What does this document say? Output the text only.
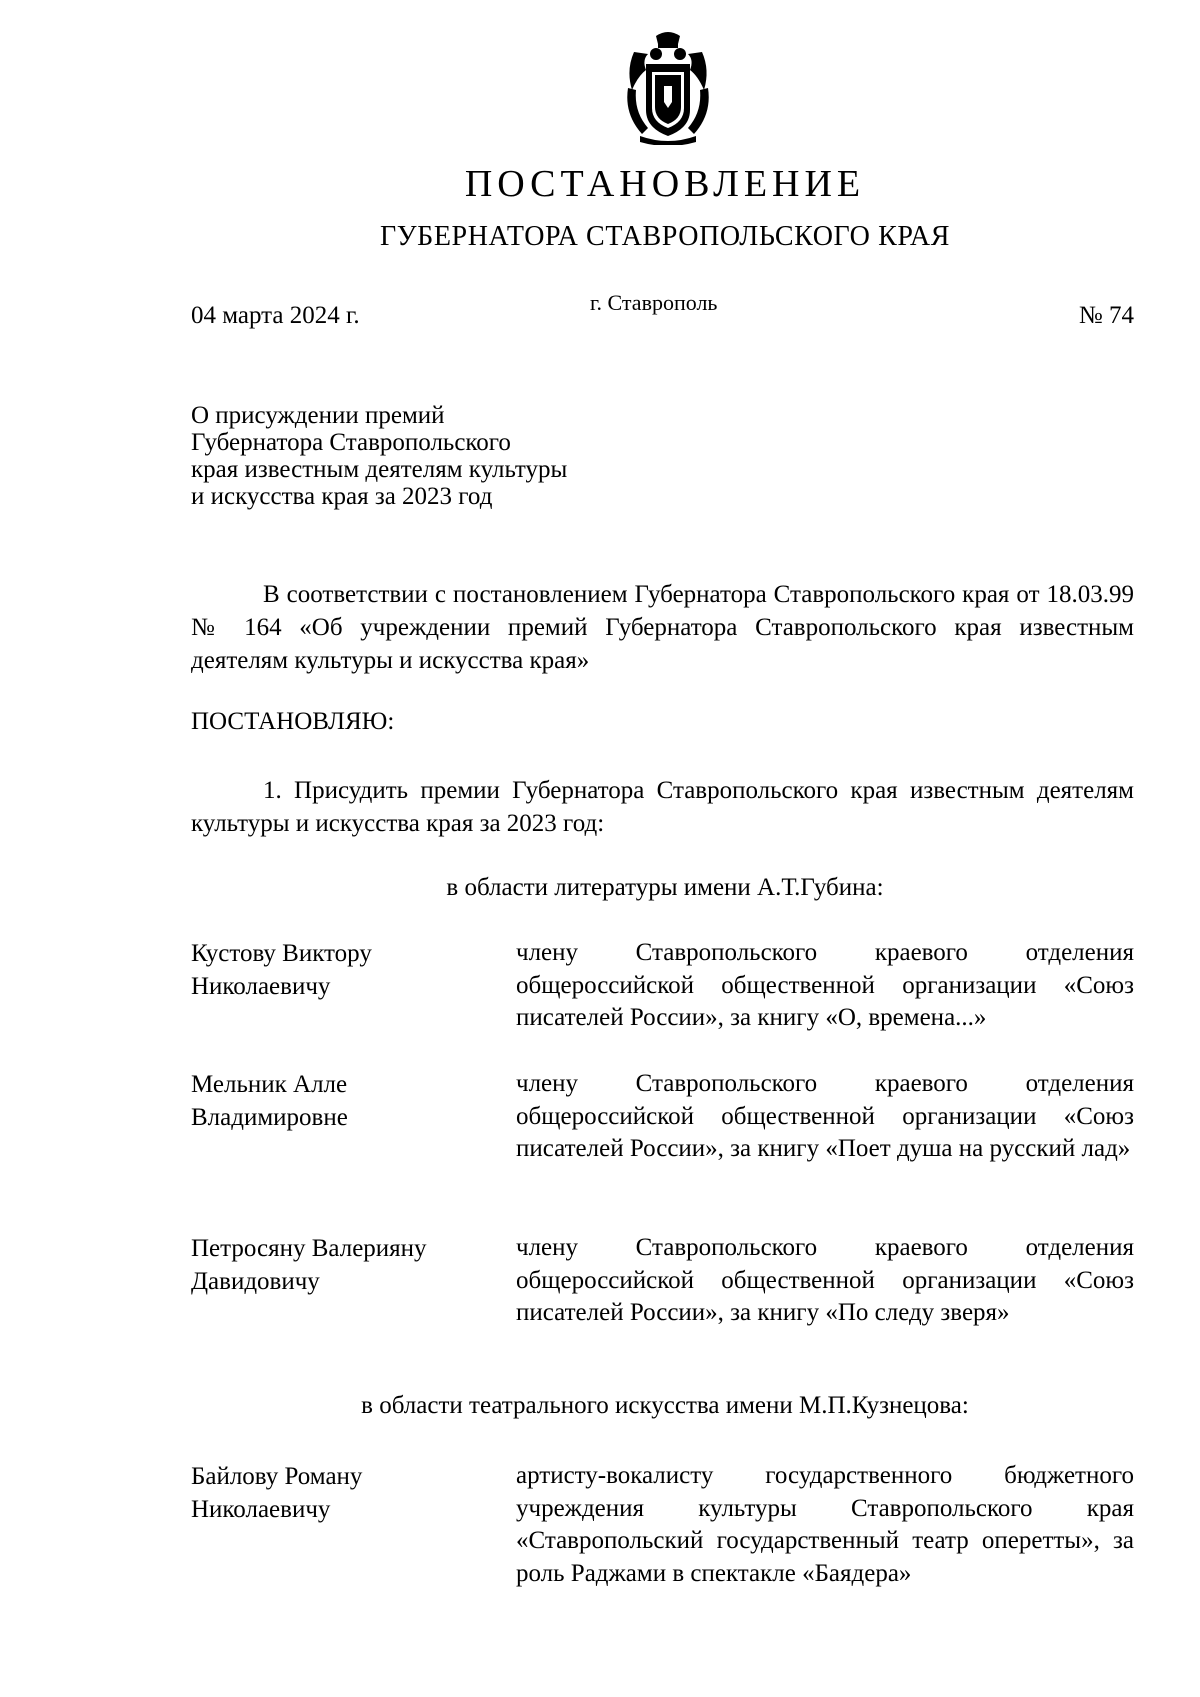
ПОСТАНОВЛЕНИЕ
ГУБЕРНАТОРА СТАВРОПОЛЬСКОГО КРАЯ
04 марта 2024 г.	г. Ставрополь	№ 74
О присуждении премий
Губернатора Ставропольского
края известным деятелям культуры
и искусства края за 2023 год
В соответствии с постановлением Губернатора Ставропольского края от 18.03.99 № 164 «Об учреждении премий Губернатора Ставропольского края известным деятелям культуры и искусства края»
ПОСТАНОВЛЯЮ:
1. Присудить премии Губернатора Ставропольского края известным деятелям культуры и искусства края за 2023 год:
в области литературы имени А.Т.Губина:
Кустову Виктору
Николаевичу
члену Ставропольского краевого отделения общероссийской общественной организации «Союз писателей России», за книгу «О, времена...»
Мельник Алле
Владимировне
члену Ставропольского краевого отделения общероссийской общественной организации «Союз писателей России», за книгу «Поет душа на русский лад»
Петросяну Валерияну
Давидовичу
члену Ставропольского краевого отделения общероссийской общественной организации «Союз писателей России», за книгу «По следу зверя»
в области театрального искусства имени М.П.Кузнецова:
Байлову Роману
Николаевичу
артисту-вокалисту государственного бюджетного учреждения культуры Ставропольского края «Ставропольский государственный театр оперетты», за роль Раджами в спектакле «Баядера»
